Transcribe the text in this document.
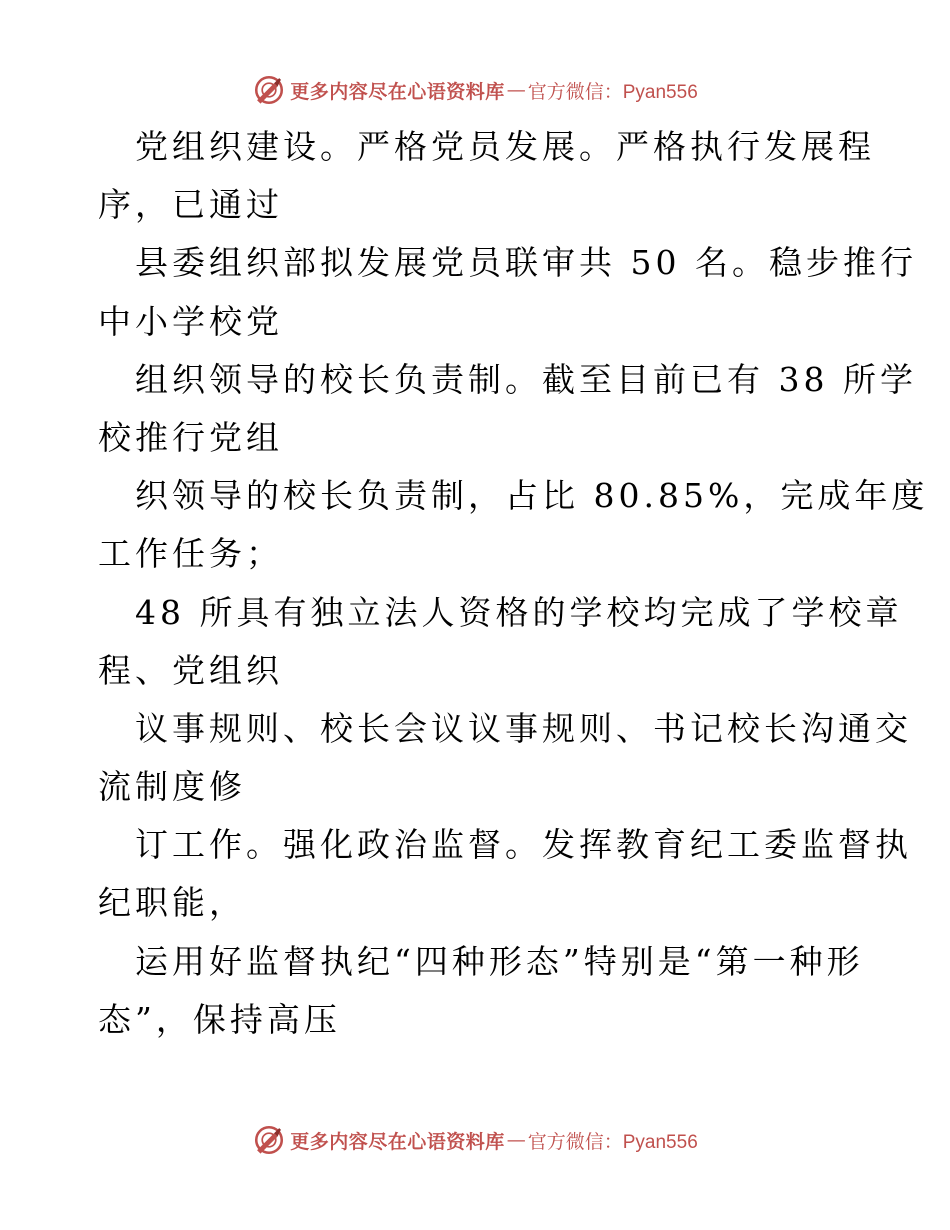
更多内容尽在心语资料库 — 官方微信：Pyan556
党组织建设。严格党员发展。严格执行发展程
序，已通过
县委组织部拟发展党员联审共 50 名。稳步推行
中小学校党
组织领导的校长负责制。截至目前已有 38 所学
校推行党组
织领导的校长负责制，占比 80.85%，完成年度
工作任务；
48 所具有独立法人资格的学校均完成了学校章
程、党组织
议事规则、校长会议议事规则、书记校长沟通交
流制度修
订工作。强化政治监督。发挥教育纪工委监督执
纪职能，
运用好监督执纪“四种形态”特别是“第一种形
态”，保持高压
更多内容尽在心语资料库 — 官方微信：Pyan556
